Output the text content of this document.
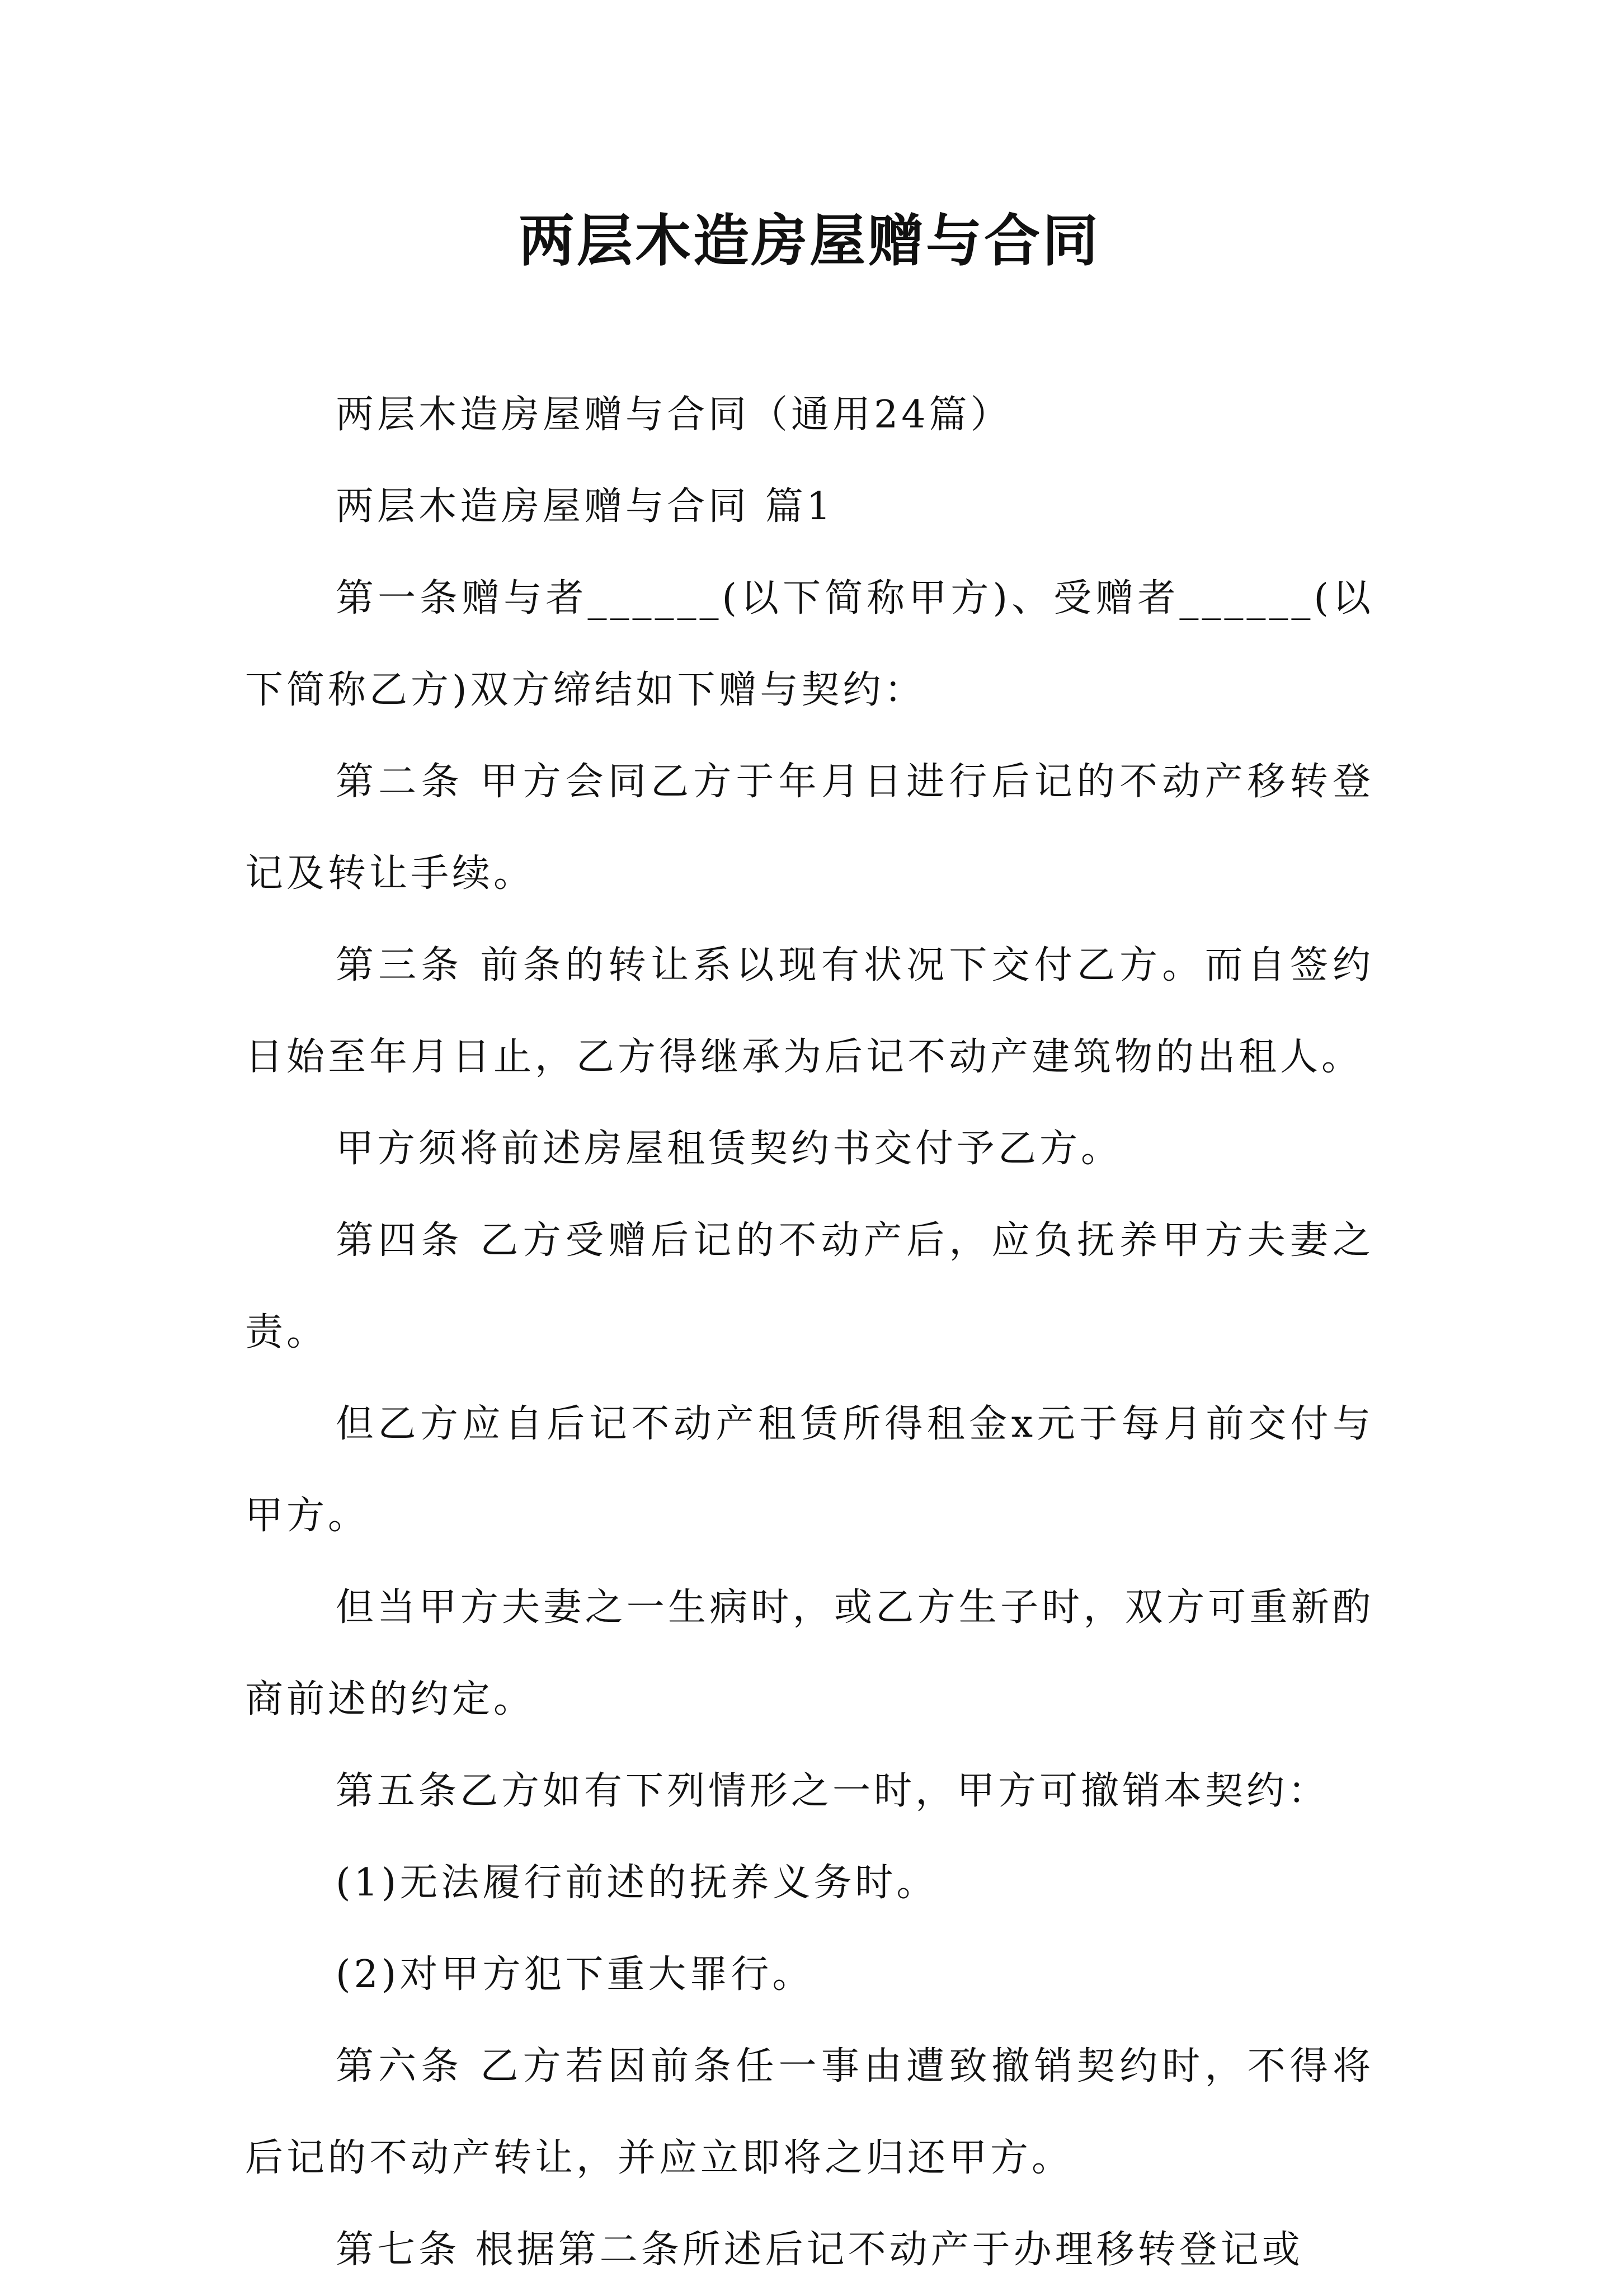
两层木造房屋赠与合同

两层木造房屋赠与合同（通用24篇）

两层木造房屋赠与合同 篇1

第一条赠与者______(以下简称甲方)、受赠者______(以下简称乙方)双方缔结如下赠与契约：

第二条 甲方会同乙方于年月日进行后记的不动产移转登记及转让手续。

第三条 前条的转让系以现有状况下交付乙方。而自签约日始至年月日止，乙方得继承为后记不动产建筑物的出租人。

甲方须将前述房屋租赁契约书交付予乙方。

第四条 乙方受赠后记的不动产后，应负抚养甲方夫妻之责。

但乙方应自后记不动产租赁所得租金x元于每月前交付与甲方。

但当甲方夫妻之一生病时，或乙方生子时，双方可重新酌商前述的约定。

第五条乙方如有下列情形之一时，甲方可撤销本契约：

(1)无法履行前述的抚养义务时。

(2)对甲方犯下重大罪行。

第六条 乙方若因前条任一事由遭致撤销契约时，不得将后记的不动产转让，并应立即将之归还甲方。

第七条 根据第二条所述后记不动产于办理移转登记或
